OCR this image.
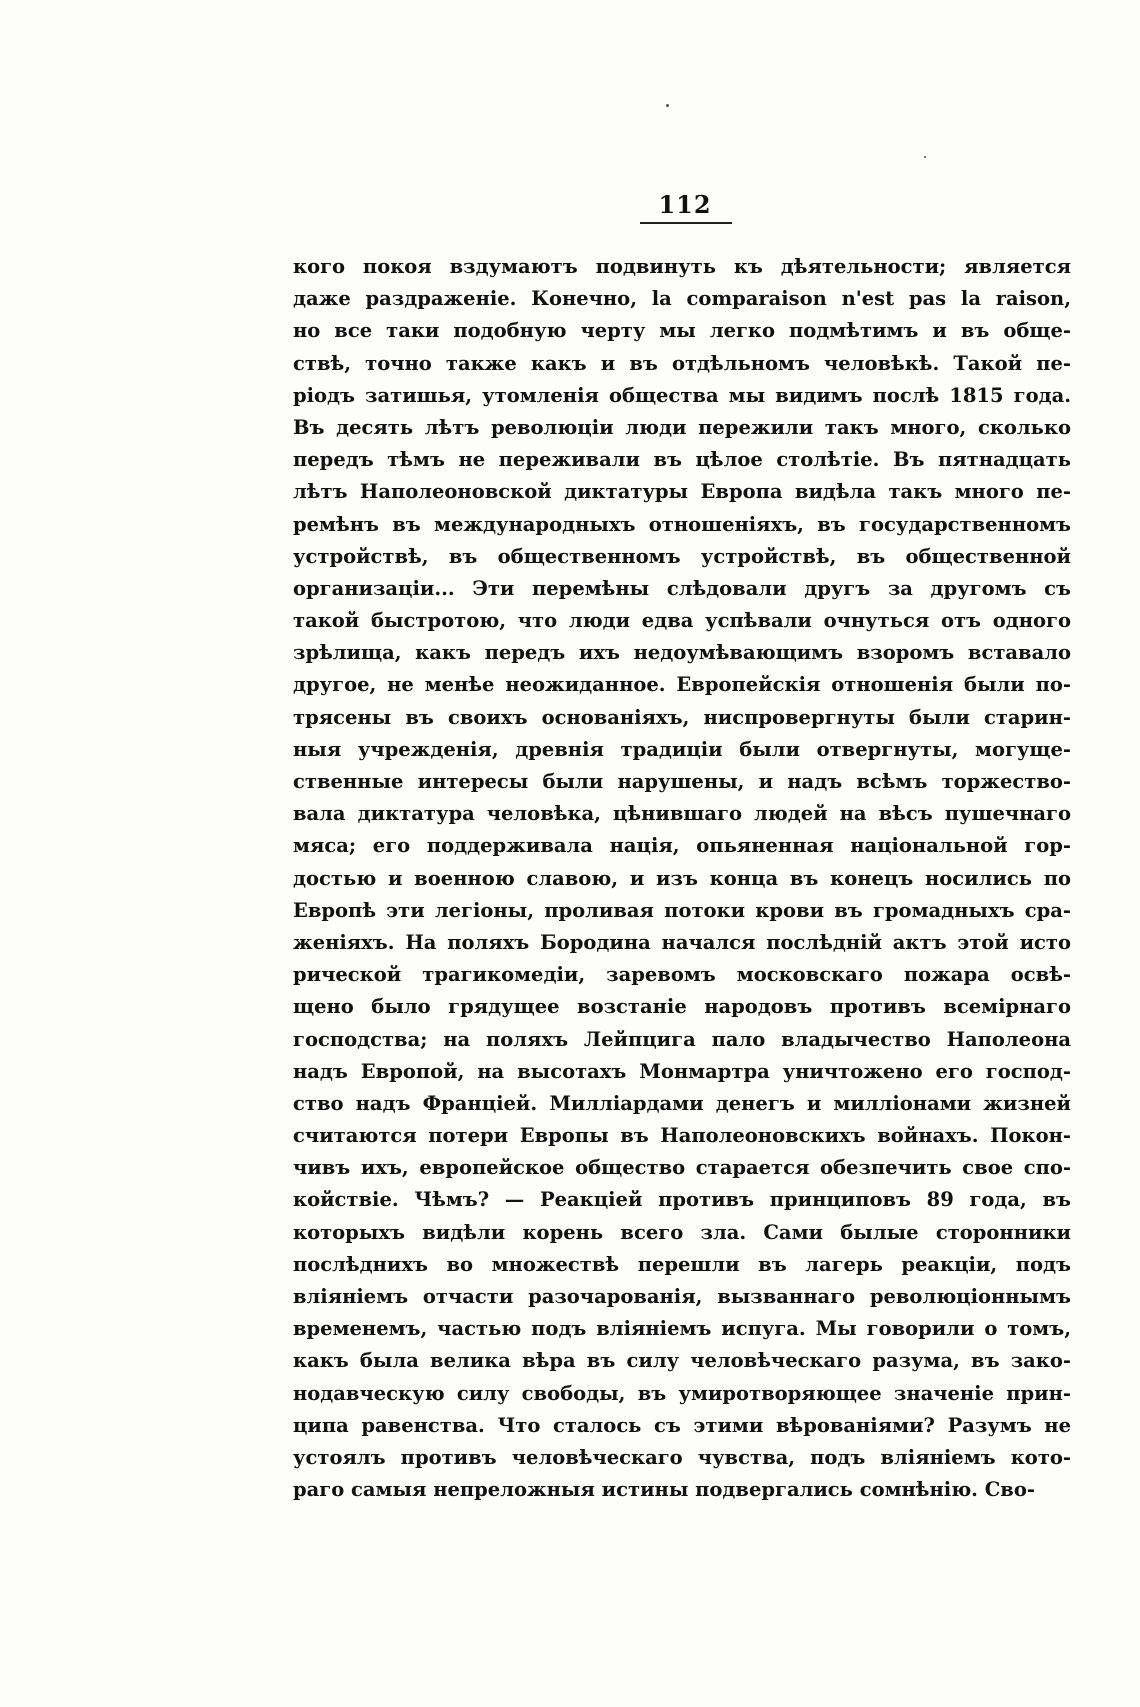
112
кого покоя вздумаютъ подвинуть къ дѣятельности; является
даже раздраженіе. Конечно, la comparaison n'est pas la raison,
но все таки подобную черту мы легко подмѣтимъ и въ обще-
ствѣ, точно также какъ и въ отдѣльномъ человѣкѣ. Такой пе-
ріодъ затишья, утомленія общества мы видимъ послѣ 1815 года.
Въ десять лѣтъ революціи люди пережили такъ много, сколько
передъ тѣмъ не переживали въ цѣлое столѣтіе. Въ пятнадцать
лѣтъ Наполеоновской диктатуры Европа видѣла такъ много пе-
ремѣнъ въ международныхъ отношеніяхъ, въ государственномъ
устройствѣ, въ общественномъ устройствѣ, въ общественной
организаціи... Эти перемѣны слѣдовали другъ за другомъ съ
такой быстротою, что люди едва успѣвали очнуться отъ одного
зрѣлища, какъ передъ ихъ недоумѣвающимъ взоромъ вставало
другое, не менѣе неожиданное. Европейскія отношенія были по-
трясены въ своихъ основаніяхъ, ниспровергнуты были старин-
ныя учрежденія, древнія традиціи были отвергнуты, могуще-
ственные интересы были нарушены, и надъ всѣмъ торжество-
вала диктатура человѣка, цѣнившаго людей на вѣсъ пушечнаго
мяса; его поддерживала нація, опьяненная національной гор-
достью и военною славою, и изъ конца въ конецъ носились по
Европѣ эти легіоны, проливая потоки крови въ громадныхъ сра-
женіяхъ. На поляхъ Бородина начался послѣдній актъ этой исто
рической трагикомедіи, заревомъ московскаго пожара освѣ-
щено было грядущее возстаніе народовъ противъ всемірнаго
господства; на поляхъ Лейпцига пало владычество Наполеона
надъ Европой, на высотахъ Монмартра уничтожено его господ-
ство надъ Франціей. Милліардами денегъ и милліонами жизней
считаются потери Европы въ Наполеоновскихъ войнахъ. Покон-
чивъ ихъ, европейское общество старается обезпечить свое спо-
койствіе. Чѣмъ? — Реакціей противъ принциповъ 89 года, въ
которыхъ видѣли корень всего зла. Сами былые сторонники
послѣднихъ во множествѣ перешли въ лагерь реакціи, подъ
вліяніемъ отчасти разочарованія, вызваннаго революціоннымъ
временемъ, частью подъ вліяніемъ испуга. Мы говорили о томъ,
какъ была велика вѣра въ силу человѣческаго разума, въ зако-
нодавческую силу свободы, въ умиротворяющее значеніе прин-
ципа равенства. Что сталось съ этими вѣрованіями? Разумъ не
устоялъ противъ человѣческаго чувства, подъ вліяніемъ кото-
раго самыя непреложныя истины подвергались сомнѣнію. Сво-
